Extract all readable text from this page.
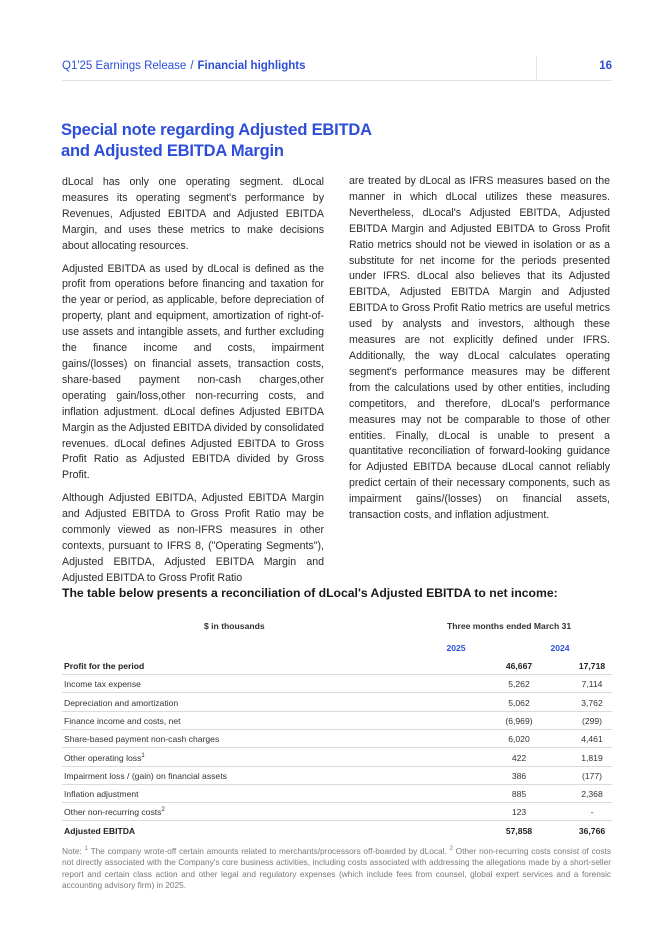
Q1'25 Earnings Release / Financial highlights	16
Special note regarding Adjusted EBITDA
and Adjusted EBITDA Margin

dLocal has only one operating segment. dLocal measures its operating segment's performance by Revenues, Adjusted EBITDA and Adjusted EBITDA Margin, and uses these metrics to make decisions about allocating resources.

Adjusted EBITDA as used by dLocal is defined as the profit from operations before financing and taxation for the year or period, as applicable, before depreciation of property, plant and equipment, amortization of right-of-use assets and intangible assets, and further excluding the finance income and costs, impairment gains/(losses) on financial assets, transaction costs, share-based payment non-cash charges,other operating gain/loss,other non-recurring costs, and inflation adjustment. dLocal defines Adjusted EBITDA Margin as the Adjusted EBITDA divided by consolidated revenues. dLocal defines Adjusted EBITDA to Gross Profit Ratio as Adjusted EBITDA divided by Gross Profit.

Although Adjusted EBITDA, Adjusted EBITDA Margin and Adjusted EBITDA to Gross Profit Ratio may be commonly viewed as non-IFRS measures in other contexts, pursuant to IFRS 8, ("Operating Segments"), Adjusted EBITDA, Adjusted EBITDA Margin and Adjusted EBITDA to Gross Profit Ratio

are treated by dLocal as IFRS measures based on the manner in which dLocal utilizes these measures. Nevertheless, dLocal's Adjusted EBITDA, Adjusted EBITDA Margin and Adjusted EBITDA to Gross Profit Ratio metrics should not be viewed in isolation or as a substitute for net income for the periods presented under IFRS. dLocal also believes that its Adjusted EBITDA, Adjusted EBITDA Margin and Adjusted EBITDA to Gross Profit Ratio metrics are useful metrics used by analysts and investors, although these measures are not explicitly defined under IFRS. Additionally, the way dLocal calculates operating segment's performance measures may be different from the calculations used by other entities, including competitors, and therefore, dLocal's performance measures may not be comparable to those of other entities. Finally, dLocal is unable to present a quantitative reconciliation of forward-looking guidance for Adjusted EBITDA because dLocal cannot reliably predict certain of their necessary components, such as impairment gains/(losses) on financial assets, transaction costs, and inflation adjustment.

The table below presents a reconciliation of dLocal's Adjusted EBITDA to net income:
$ in thousands	Three months ended March 31
2025	2024
Profit for the period	46,667	17,718
Income tax expense	5,262	7,114
Depreciation and amortization	5,062	3,762
Finance income and costs, net	(6,969)	(299)
Share-based payment non-cash charges	6,020	4,461
Other operating loss$^1$	422	1,819
Impairment loss / (gain) on financial assets	386	(177)
Inflation adjustment	885	2,368
Other non-recurring costs$^2$	123	-
Adjusted EBITDA	57,858	36,766
Note: $^1$ The company wrote-off certain amounts related to merchants/processors off-boarded by dLocal. $^2$ Other non-recurring costs consist of costs not directly associated with the Company's core business activities, including costs associated with addressing the allegations made by a short-seller report and certain class action and other legal and regulatory expenses (which include fees from counsel, global expert services and a forensic accounting advisory firm) in 2025.
